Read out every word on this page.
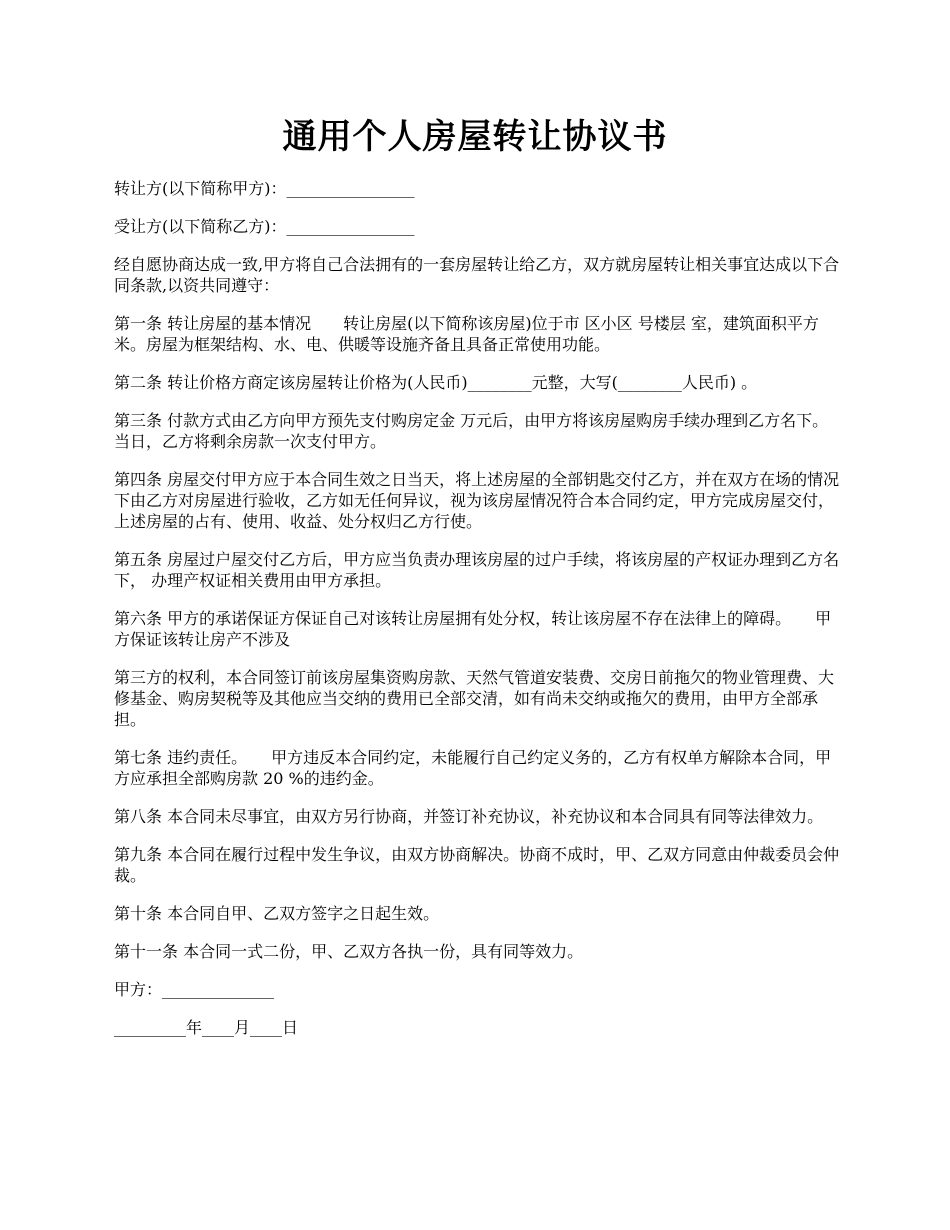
通用个人房屋转让协议书

转让方(以下简称甲方)：________________

受让方(以下简称乙方)：________________

经自愿协商达成一致,甲方将自己合法拥有的一套房屋转让给乙方，双方就房屋转让相关事宜达成以下合同条款,以资共同遵守：

第一条 转让房屋的基本情况　　转让房屋(以下简称该房屋)位于市 区小区 号楼层 室，建筑面积平方米。房屋为框架结构、水、电、供暖等设施齐备且具备正常使用功能。

第二条 转让价格方商定该房屋转让价格为(人民币)________元整，大写(________人民币) 。

第三条 付款方式由乙方向甲方预先支付购房定金 万元后，由甲方将该房屋购房手续办理到乙方名下。当日，乙方将剩余房款一次支付甲方。

第四条 房屋交付甲方应于本合同生效之日当天，将上述房屋的全部钥匙交付乙方，并在双方在场的情况下由乙方对房屋进行验收，乙方如无任何异议，视为该房屋情况符合本合同约定，甲方完成房屋交付，上述房屋的占有、使用、收益、处分权归乙方行使。

第五条 房屋过户屋交付乙方后，甲方应当负责办理该房屋的过户手续，将该房屋的产权证办理到乙方名下， 办理产权证相关费用由甲方承担。

第六条 甲方的承诺保证方保证自己对该转让房屋拥有处分权，转让该房屋不存在法律上的障碍。　　甲方保证该转让房产不涉及

第三方的权利，本合同签订前该房屋集资购房款、天然气管道安装费、交房日前拖欠的物业管理费、大修基金、购房契税等及其他应当交纳的费用已全部交清，如有尚未交纳或拖欠的费用，由甲方全部承担。

第七条 违约责任。　　甲方违反本合同约定，未能履行自己约定义务的，乙方有权单方解除本合同，甲方应承担全部购房款 20 %的违约金。

第八条 本合同未尽事宜，由双方另行协商，并签订补充协议，补充协议和本合同具有同等法律效力。

第九条 本合同在履行过程中发生争议，由双方协商解决。协商不成时，甲、乙双方同意由仲裁委员会仲裁。

第十条 本合同自甲、乙双方签字之日起生效。

第十一条 本合同一式二份，甲、乙双方各执一份，具有同等效力。

甲方：______________

_________年____月____日
